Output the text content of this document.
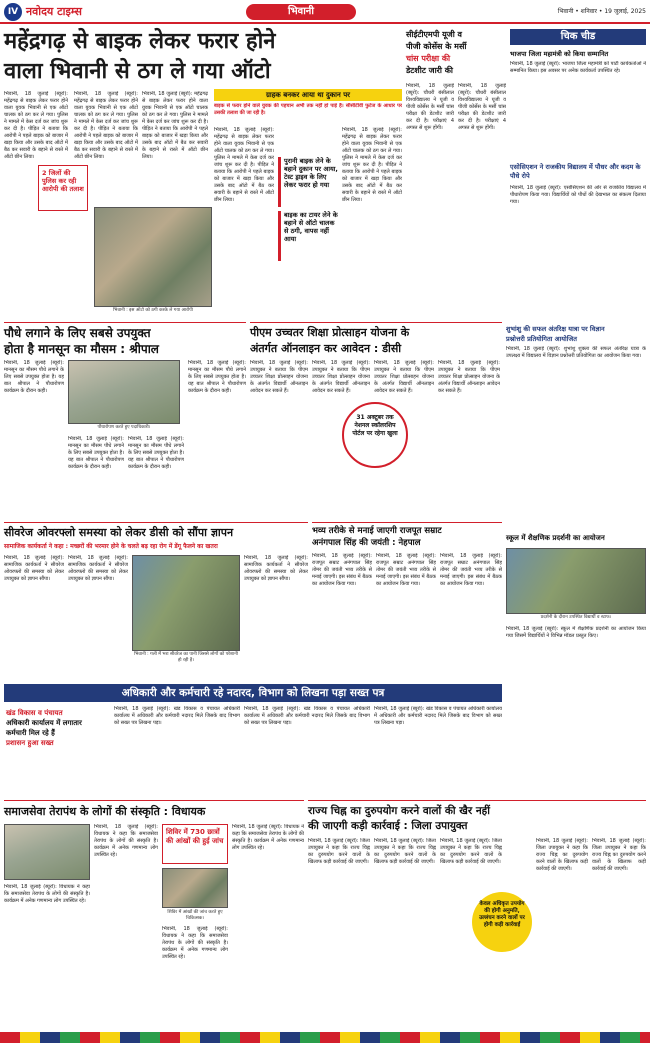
IV नवोदय टाइम्स	भिवानी	भिवानी • शनिवार • 19 जुलाई, 2025
महेंद्रगढ़ से बाइक लेकर फरार होने
वाला भिवानी से ठग ले गया ऑटो
भिवानी, 18 जुलाई (ब्यूरो): महेंद्रगढ़ से बाइक लेकर फरार होने वाला युवक भिवानी से एक ऑटो चालक को ठग कर ले गया। पुलिस ने मामले में केस दर्ज कर जांच शुरू कर दी है। पीड़ित ने बताया कि आरोपी ने पहले बाइक को बाजार में खड़ा किया और उसके बाद ऑटो में बैठ कर सवारी के बहाने से रास्ते में ऑटो छीन लिया।
2 जिलों की पुलिस कर रही आरोपी की तलाश
भिवानी, 18 जुलाई (ब्यूरो): महेंद्रगढ़ से बाइक लेकर फरार होने वाला युवक भिवानी से एक ऑटो चालक को ठग कर ले गया। पुलिस ने मामले में केस दर्ज कर जांच शुरू कर दी है। पीड़ित ने बताया कि आरोपी ने पहले बाइक को बाजार में खड़ा किया और उसके बाद ऑटो में बैठ कर सवारी के बहाने से रास्ते में ऑटो छीन लिया।
भिवानी, 18 जुलाई (ब्यूरो): महेंद्रगढ़ से बाइक लेकर फरार होने वाला युवक भिवानी से एक ऑटो चालक को ठग कर ले गया। पुलिस ने मामले में केस दर्ज कर जांच शुरू कर दी है। पीड़ित ने बताया कि आरोपी ने पहले बाइक को बाजार में खड़ा किया और उसके बाद ऑटो में बैठ कर सवारी के बहाने से रास्ते में ऑटो छीन लिया।
भिवानी : इस ऑटो को ठगी करके ले गया आरोपी
ग्राहक बनकर आया था दुकान पर
बाइक से फरार होने वाले युवक की पहचान अभी तक नहीं हो पाई है। सीसीटीवी फुटेज के आधार पर उसकी तलाश की जा रही है।
भिवानी, 18 जुलाई (ब्यूरो): महेंद्रगढ़ से बाइक लेकर फरार होने वाला युवक भिवानी से एक ऑटो चालक को ठग कर ले गया। पुलिस ने मामले में केस दर्ज कर जांच शुरू कर दी है। पीड़ित ने बताया कि आरोपी ने पहले बाइक को बाजार में खड़ा किया और उसके बाद ऑटो में बैठ कर सवारी के बहाने से रास्ते में ऑटो छीन लिया।
पुरानी बाइक लेने के बहाने दुकान पर आया, टेस्ट ड्राइव के लिए लेकर फरार हो गया
बाइक का टायर लेने के बहाने से ऑटो चालक से ठगी, वापस नहीं आया
भिवानी, 18 जुलाई (ब्यूरो): महेंद्रगढ़ से बाइक लेकर फरार होने वाला युवक भिवानी से एक ऑटो चालक को ठग कर ले गया। पुलिस ने मामले में केस दर्ज कर जांच शुरू कर दी है। पीड़ित ने बताया कि आरोपी ने पहले बाइक को बाजार में खड़ा किया और उसके बाद ऑटो में बैठ कर सवारी के बहाने से रास्ते में ऑटो छीन लिया।
सीईटीएमपी यूजी व
पीजी कोर्सेस के मर्सी
चांस परीक्षा की
डेटशीट जारी की
भिवानी, 18 जुलाई (ब्यूरो): चौधरी बंसीलाल विश्वविद्यालय ने यूजी व पीजी कोर्सेस के मर्सी चांस परीक्षा की डेटशीट जारी कर दी है। परीक्षाएं 4 अगस्त से शुरू होंगी।
भिवानी, 18 जुलाई (ब्यूरो): चौधरी बंसीलाल विश्वविद्यालय ने यूजी व पीजी कोर्सेस के मर्सी चांस परीक्षा की डेटशीट जारी कर दी है। परीक्षाएं 4 अगस्त से शुरू होंगी।
चिक चीड
भाजपा जिला महामंत्री को किया सम्मानित
भिवानी, 18 जुलाई (ब्यूरो): भाजपा जिला महामंत्री को पार्टी कार्यकर्ताओं ने सम्मानित किया। इस अवसर पर अनेक कार्यकर्ता उपस्थित रहे।
एसोसिएशन ने राजकीय विद्यालय में पौधर और कदम के पौधे रोपे
भिवानी, 18 जुलाई (ब्यूरो): एसोसिएशन की ओर से राजकीय विद्यालय में पौधारोपण किया गया। विद्यार्थियों को पौधों की देखभाल का संकल्प दिलाया गया।
पौधे लगाने के लिए सबसे उपयुक्त
होता है मानसून का मौसम : श्रीपाल
भिवानी, 18 जुलाई (ब्यूरो): मानसून का मौसम पौधे लगाने के लिए सबसे उपयुक्त होता है। यह बात श्रीपाल ने पौधारोपण कार्यक्रम के दौरान कही।
पौधारोपण करते हुए पदाधिकारी।
भिवानी, 18 जुलाई (ब्यूरो): मानसून का मौसम पौधे लगाने के लिए सबसे उपयुक्त होता है। यह बात श्रीपाल ने पौधारोपण कार्यक्रम के दौरान कही।
भिवानी, 18 जुलाई (ब्यूरो): मानसून का मौसम पौधे लगाने के लिए सबसे उपयुक्त होता है। यह बात श्रीपाल ने पौधारोपण कार्यक्रम के दौरान कही।
भिवानी, 18 जुलाई (ब्यूरो): मानसून का मौसम पौधे लगाने के लिए सबसे उपयुक्त होता है। यह बात श्रीपाल ने पौधारोपण कार्यक्रम के दौरान कही।
पीएम उच्चतर शिक्षा प्रोत्साहन योजना के
अंतर्गत ऑनलाइन कर आवेदन : डीसी
भिवानी, 18 जुलाई (ब्यूरो): उपायुक्त ने बताया कि पीएम उच्चतर शिक्षा प्रोत्साहन योजना के अंतर्गत विद्यार्थी ऑनलाइन आवेदन कर सकते हैं।
भिवानी, 18 जुलाई (ब्यूरो): उपायुक्त ने बताया कि पीएम उच्चतर शिक्षा प्रोत्साहन योजना के अंतर्गत विद्यार्थी ऑनलाइन आवेदन कर सकते हैं।
31 अक्टूबर तक नेशनल स्कॉलरशिप पोर्टल पर रहेगा खुला
भिवानी, 18 जुलाई (ब्यूरो): उपायुक्त ने बताया कि पीएम उच्चतर शिक्षा प्रोत्साहन योजना के अंतर्गत विद्यार्थी ऑनलाइन आवेदन कर सकते हैं।
भिवानी, 18 जुलाई (ब्यूरो): उपायुक्त ने बताया कि पीएम उच्चतर शिक्षा प्रोत्साहन योजना के अंतर्गत विद्यार्थी ऑनलाइन आवेदन कर सकते हैं।
शुभांशु की सफल अंतरिक्ष यात्रा पर विज्ञान
प्रश्नोत्तरी प्रतियोगिता आयोजित
भिवानी, 18 जुलाई (ब्यूरो): शुभांशु शुक्ला की सफल अंतरिक्ष यात्रा के उपलक्ष्य में विद्यालय में विज्ञान प्रश्नोत्तरी प्रतियोगिता का आयोजन किया गया।
स्कूल में शैक्षणिक प्रदर्शनी का आयोजन
प्रदर्शनी के दौरान उपस्थित विद्यार्थी व स्टाफ।
भिवानी, 18 जुलाई (ब्यूरो): स्कूल में शैक्षणिक प्रदर्शनी का आयोजन किया गया जिसमें विद्यार्थियों ने विभिन्न मॉडल प्रस्तुत किए।
सीवरेज ओवरफ्लो समस्या को लेकर डीसी को सौंपा ज्ञापन
सामाजिक कार्यकर्ता ने कहा : मच्छरों की भरमार होने के चलते बढ़ रहा रोग में डेंगू फैलने का खतरा
भिवानी, 18 जुलाई (ब्यूरो): सामाजिक कार्यकर्ता ने सीवरेज ओवरफ्लो की समस्या को लेकर उपायुक्त को ज्ञापन सौंपा।
भिवानी, 18 जुलाई (ब्यूरो): सामाजिक कार्यकर्ता ने सीवरेज ओवरफ्लो की समस्या को लेकर उपायुक्त को ज्ञापन सौंपा।
भिवानी : गली में भरा सीवरेज का पानी जिससे लोगों को परेशानी हो रही है।
भिवानी, 18 जुलाई (ब्यूरो): सामाजिक कार्यकर्ता ने सीवरेज ओवरफ्लो की समस्या को लेकर उपायुक्त को ज्ञापन सौंपा।
भव्य तरीके से मनाई जाएगी राजपूत सम्राट
अनंगपाल सिंह की जयंती : नेहपाल
भिवानी, 18 जुलाई (ब्यूरो): राजपूत सम्राट अनंगपाल सिंह तोमर की जयंती भव्य तरीके से मनाई जाएगी। इस संबंध में बैठक का आयोजन किया गया।
भिवानी, 18 जुलाई (ब्यूरो): राजपूत सम्राट अनंगपाल सिंह तोमर की जयंती भव्य तरीके से मनाई जाएगी। इस संबंध में बैठक का आयोजन किया गया।
भिवानी, 18 जुलाई (ब्यूरो): राजपूत सम्राट अनंगपाल सिंह तोमर की जयंती भव्य तरीके से मनाई जाएगी। इस संबंध में बैठक का आयोजन किया गया।
अधिकारी और कर्मचारी रहे नदारद, विभाग को लिखना पड़ा सख्त पत्र
खंड विकास व पंचायत
अधिकारी कार्यालय में लगातार
कर्मचारी मिल रहे हैं
प्रशासन हुआ सख्त
भिवानी, 18 जुलाई (ब्यूरो): खंड विकास व पंचायत अधिकारी कार्यालय में अधिकारी और कर्मचारी नदारद मिले जिसके बाद विभाग को सख्त पत्र लिखना पड़ा।
भिवानी, 18 जुलाई (ब्यूरो): खंड विकास व पंचायत अधिकारी कार्यालय में अधिकारी और कर्मचारी नदारद मिले जिसके बाद विभाग को सख्त पत्र लिखना पड़ा।
भिवानी, 18 जुलाई (ब्यूरो): खंड विकास व पंचायत अधिकारी कार्यालय में अधिकारी और कर्मचारी नदारद मिले जिसके बाद विभाग को सख्त पत्र लिखना पड़ा।
समाजसेवा तेरापंथ के लोगों की संस्कृति : विधायक
भिवानी, 18 जुलाई (ब्यूरो): विधायक ने कहा कि समाजसेवा तेरापंथ के लोगों की संस्कृति है। कार्यक्रम में अनेक गणमान्य लोग उपस्थित रहे।
भिवानी, 18 जुलाई (ब्यूरो): विधायक ने कहा कि समाजसेवा तेरापंथ के लोगों की संस्कृति है। कार्यक्रम में अनेक गणमान्य लोग उपस्थित रहे।
शिविर में 730 छात्रों की आंखों की हुई जांच
शिविर में आंखों की जांच करते हुए चिकित्सक।
भिवानी, 18 जुलाई (ब्यूरो): विधायक ने कहा कि समाजसेवा तेरापंथ के लोगों की संस्कृति है। कार्यक्रम में अनेक गणमान्य लोग उपस्थित रहे।
भिवानी, 18 जुलाई (ब्यूरो): विधायक ने कहा कि समाजसेवा तेरापंथ के लोगों की संस्कृति है। कार्यक्रम में अनेक गणमान्य लोग उपस्थित रहे।
राज्य चिह्न का दुरुपयोग करने वालों की खैर नहीं
की जाएगी कड़ी कार्रवाई : जिला उपायुक्त
भिवानी, 18 जुलाई (ब्यूरो): जिला उपायुक्त ने कहा कि राज्य चिह्न का दुरुपयोग करने वालों के खिलाफ कड़ी कार्रवाई की जाएगी।
भिवानी, 18 जुलाई (ब्यूरो): जिला उपायुक्त ने कहा कि राज्य चिह्न का दुरुपयोग करने वालों के खिलाफ कड़ी कार्रवाई की जाएगी।
भिवानी, 18 जुलाई (ब्यूरो): जिला उपायुक्त ने कहा कि राज्य चिह्न का दुरुपयोग करने वालों के खिलाफ कड़ी कार्रवाई की जाएगी।
केवल अधिकृत उपयोग की होगी अनुमति, उल्लंघन करने वालों पर होगी कड़ी कार्रवाई
भिवानी, 18 जुलाई (ब्यूरो): जिला उपायुक्त ने कहा कि राज्य चिह्न का दुरुपयोग करने वालों के खिलाफ कड़ी कार्रवाई की जाएगी।
भिवानी, 18 जुलाई (ब्यूरो): जिला उपायुक्त ने कहा कि राज्य चिह्न का दुरुपयोग करने वालों के खिलाफ कड़ी कार्रवाई की जाएगी।
